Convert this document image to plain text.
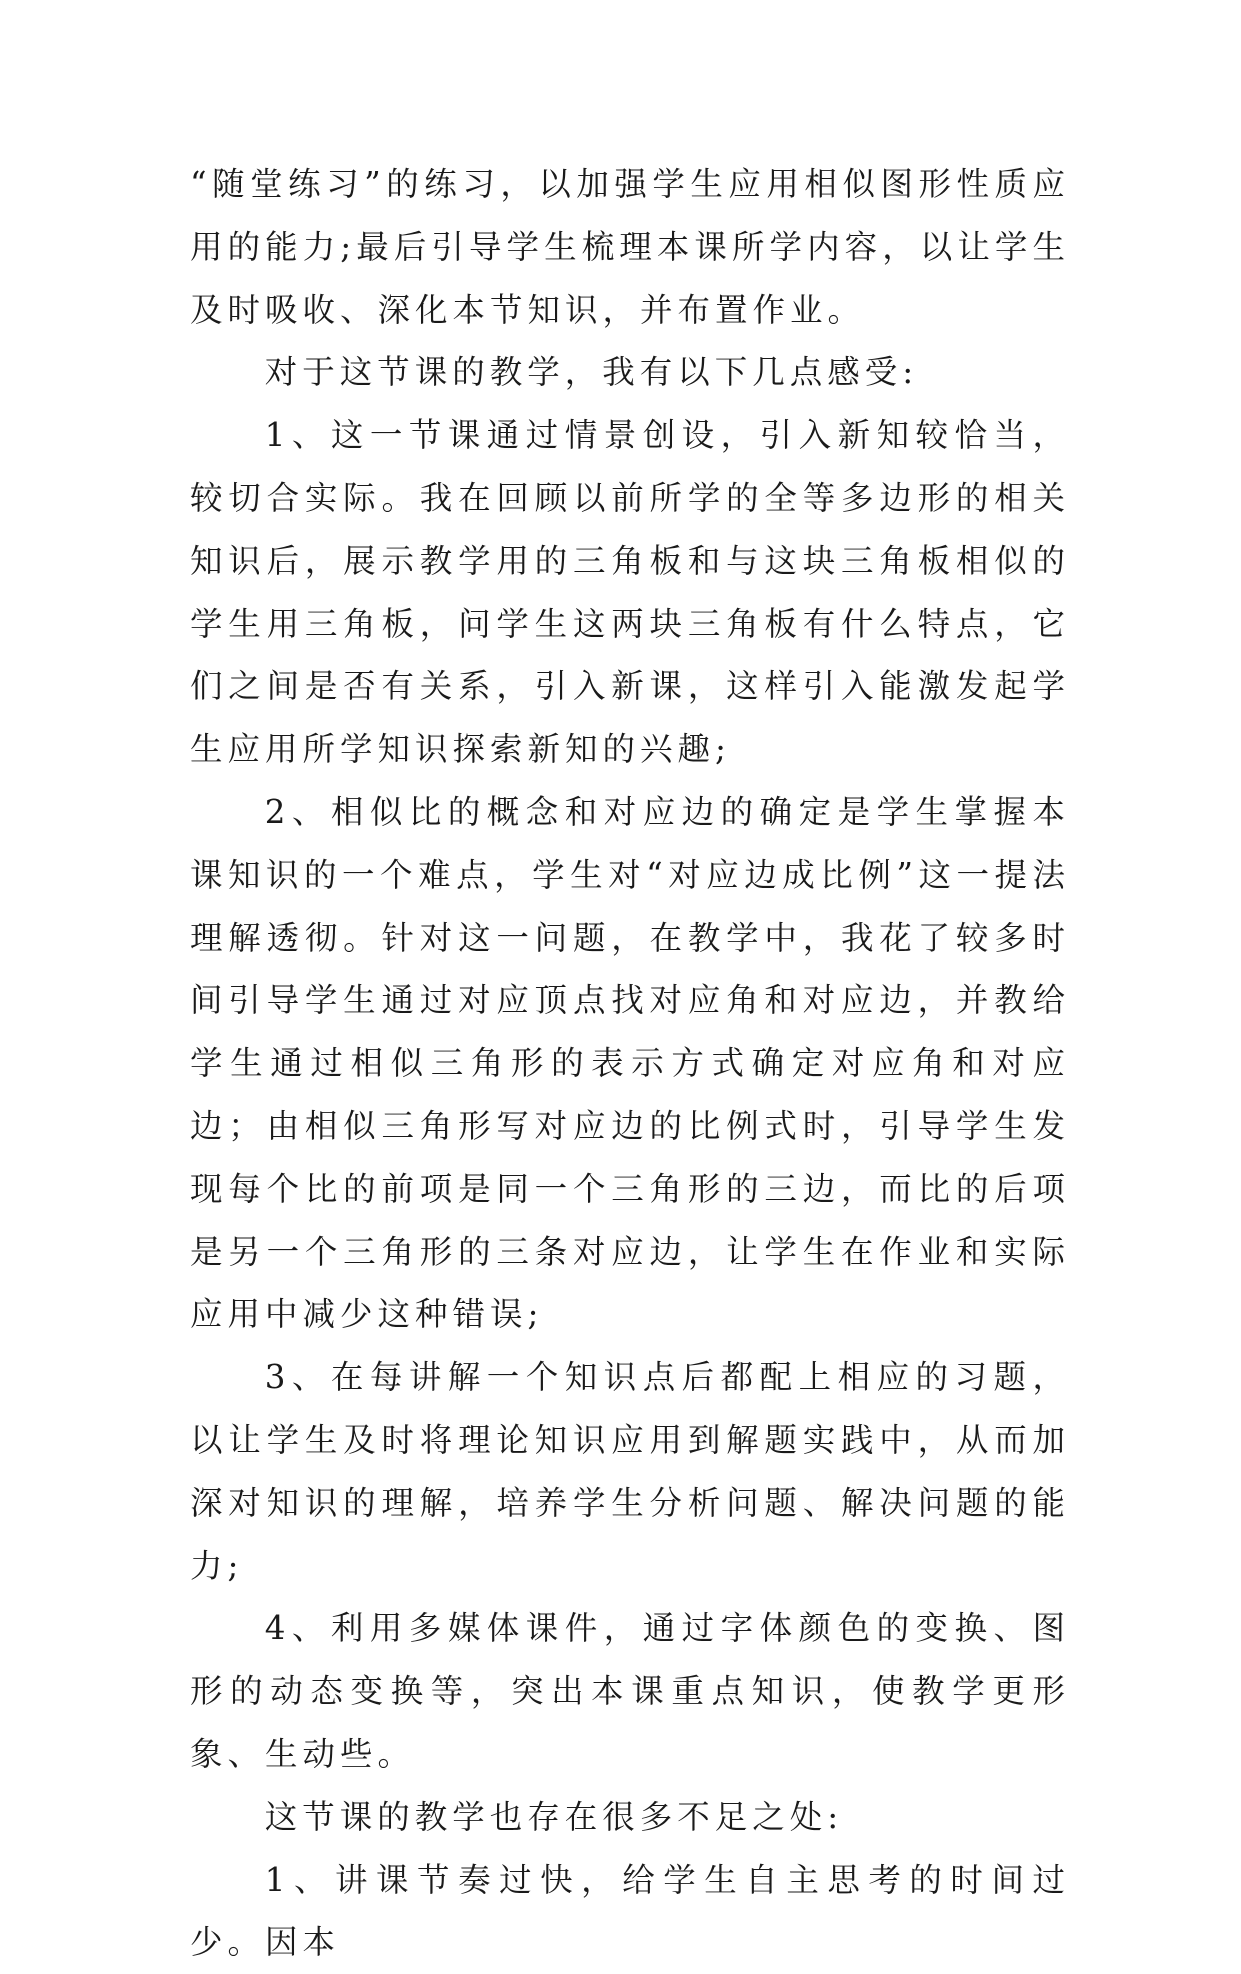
“随堂练习”的练习，以加强学生应用相似图形性质应用的能力;最后引导学生梳理本课所学内容，以让学生及时吸收、深化本节知识，并布置作业。

对于这节课的教学，我有以下几点感受:

1、这一节课通过情景创设，引入新知较恰当，较切合实际。我在回顾以前所学的全等多边形的相关知识后，展示教学用的三角板和与这块三角板相似的学生用三角板，问学生这两块三角板有什么特点，它们之间是否有关系，引入新课，这样引入能激发起学生应用所学知识探索新知的兴趣;

2、相似比的概念和对应边的确定是学生掌握本课知识的一个难点，学生对“对应边成比例”这一提法理解透彻。针对这一问题，在教学中，我花了较多时间引导学生通过对应顶点找对应角和对应边，并教给学生通过相似三角形的表示方式确定对应角和对应边；由相似三角形写对应边的比例式时，引导学生发现每个比的前项是同一个三角形的三边，而比的后项是另一个三角形的三条对应边，让学生在作业和实际应用中减少这种错误;

3、在每讲解一个知识点后都配上相应的习题，以让学生及时将理论知识应用到解题实践中，从而加深对知识的理解，培养学生分析问题、解决问题的能力;

4、利用多媒体课件，通过字体颜色的变换、图形的动态变换等，突出本课重点知识，使教学更形象、生动些。

这节课的教学也存在很多不足之处:

1、讲课节奏过快，给学生自主思考的时间过少。因本
